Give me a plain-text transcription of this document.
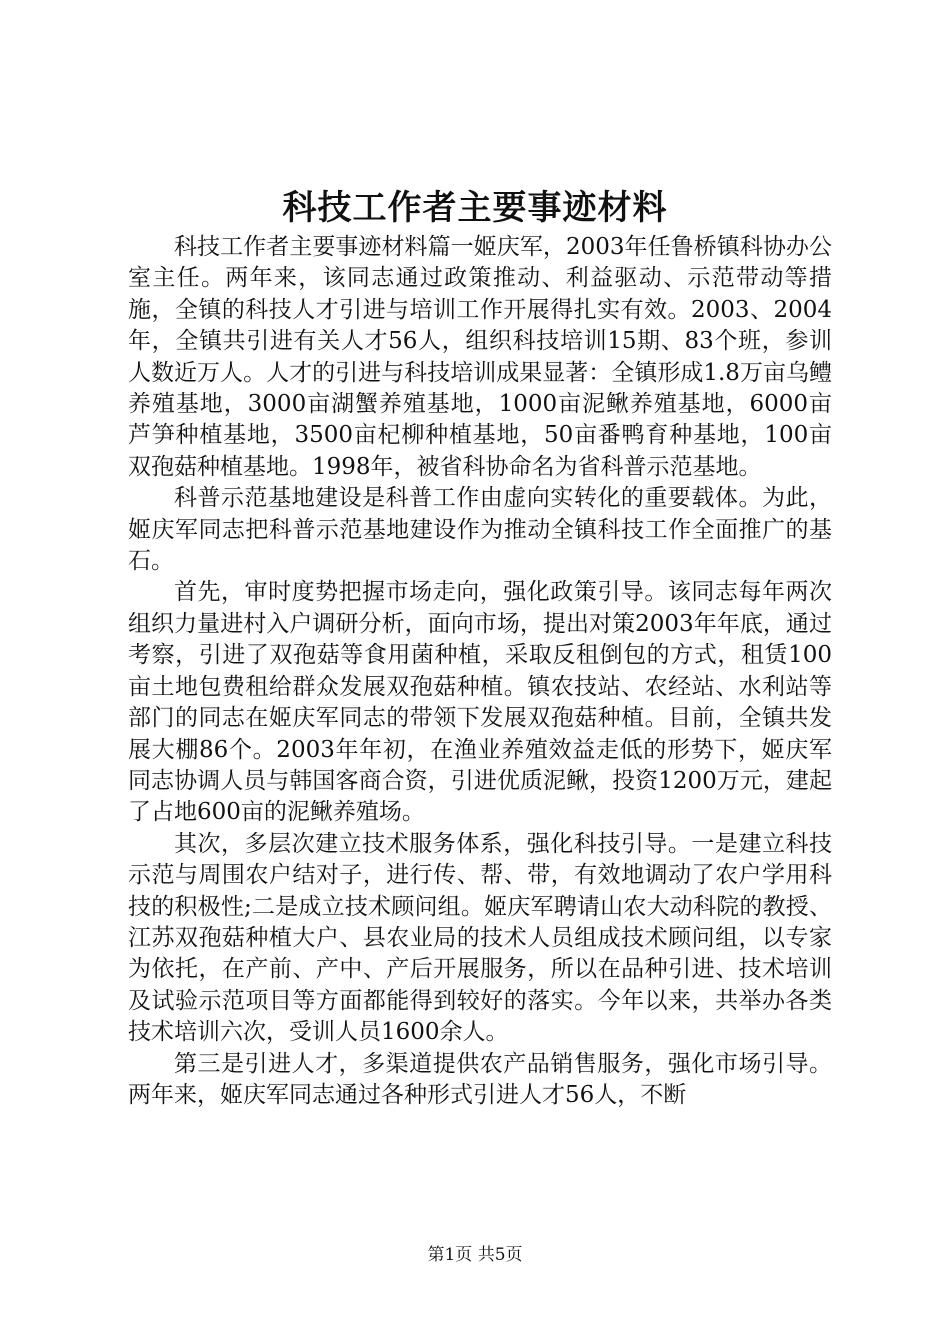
科技工作者主要事迹材料

科技工作者主要事迹材料篇一姬庆军，2003年任鲁桥镇科协办公室主任。两年来，该同志通过政策推动、利益驱动、示范带动等措施，全镇的科技人才引进与培训工作开展得扎实有效。2003、2004年，全镇共引进有关人才56人，组织科技培训15期、83个班，参训人数近万人。人才的引进与科技培训成果显著：全镇形成1.8万亩乌鳢养殖基地，3000亩湖蟹养殖基地，1000亩泥鳅养殖基地，6000亩芦笋种植基地，3500亩杞柳种植基地，50亩番鸭育种基地，100亩双孢菇种植基地。1998年，被省科协命名为省科普示范基地。

科普示范基地建设是科普工作由虚向实转化的重要载体。为此，姬庆军同志把科普示范基地建设作为推动全镇科技工作全面推广的基石。

首先，审时度势把握市场走向，强化政策引导。该同志每年两次组织力量进村入户调研分析，面向市场，提出对策2003年年底，通过考察，引进了双孢菇等食用菌种植，采取反租倒包的方式，租赁100亩土地包费租给群众发展双孢菇种植。镇农技站、农经站、水利站等部门的同志在姬庆军同志的带领下发展双孢菇种植。目前，全镇共发展大棚86个。2003年年初，在渔业养殖效益走低的形势下，姬庆军同志协调人员与韩国客商合资，引进优质泥鳅，投资1200万元，建起了占地600亩的泥鳅养殖场。

其次，多层次建立技术服务体系，强化科技引导。一是建立科技示范与周围农户结对子，进行传、帮、带，有效地调动了农户学用科技的积极性;二是成立技术顾问组。姬庆军聘请山农大动科院的教授、江苏双孢菇种植大户、县农业局的技术人员组成技术顾问组，以专家为依托，在产前、产中、产后开展服务，所以在品种引进、技术培训及试验示范项目等方面都能得到较好的落实。今年以来，共举办各类技术培训六次，受训人员1600余人。

第三是引进人才，多渠道提供农产品销售服务，强化市场引导。两年来，姬庆军同志通过各种形式引进人才56人，不断

第1页 共5页
